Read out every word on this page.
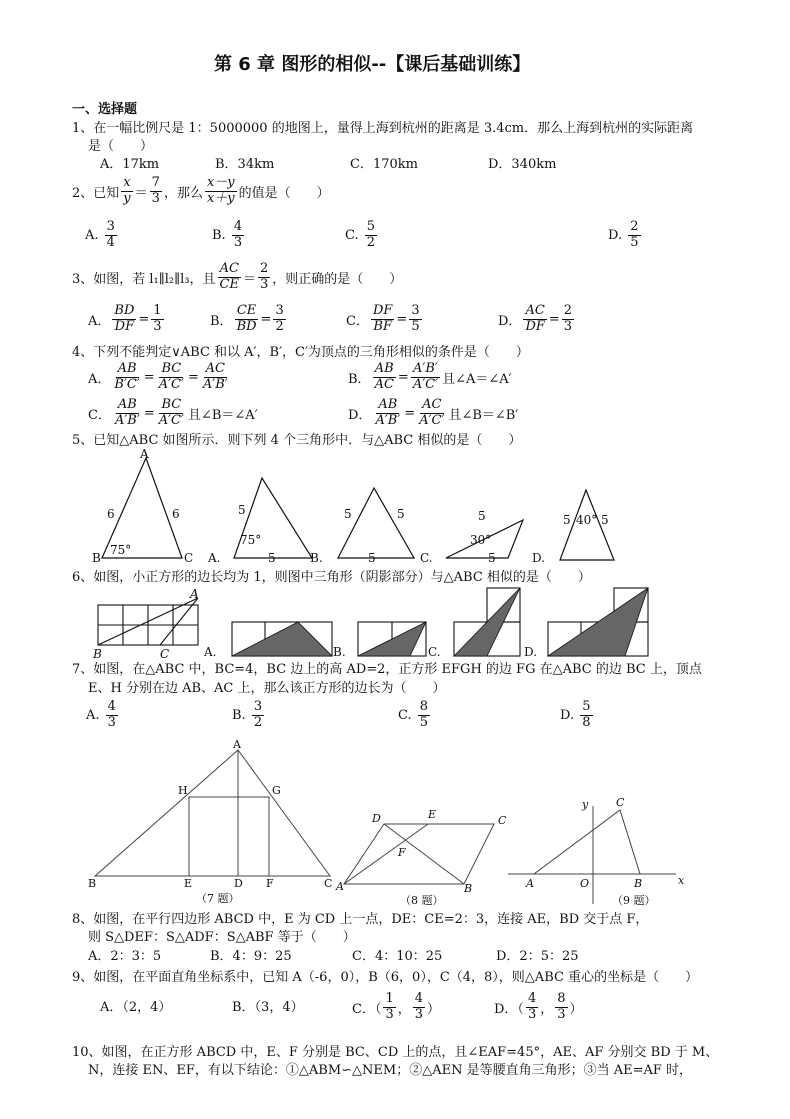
第 6 章 图形的相似--【课后基础训练】
一、选择题
1、在一幅比例尺是 1：5000000 的地图上，量得上海到杭州的距离是 3.4cm．那么上海到杭州的实际距离
是（　　）
A．17km	B．34km	C．170km	D．340km
2、已知 $\frac{x}{y} = \frac{7}{3}$ ，那么 $\frac{x-y}{x+y}$ 的值是（　　）
A.
$\frac{3}{4}$	B.
$\frac{4}{3}$	C.
$\frac{5}{2}$	D.
$\frac{2}{5}$
3、如图，若 l₁∥l₂∥l₃，且 $\frac{AC}{CE} = \frac{2}{3}$ ，则正确的是（　　）
A． $\frac{BD}{DF} = \frac{1}{3}$	B． $\frac{CE}{BD} = \frac{3}{2}$	C． $\frac{DF}{BF} = \frac{3}{5}$	D． $\frac{AC}{DF} = \frac{2}{3}$
4、下列不能判定∨ABC 和以 A′，B′，C′为顶点的三角形相似的条件是（　　）
A． $\frac{AB}{B'C'} = \frac{BC}{A'C'} = \frac{AC}{A'B'}$	B． $\frac{AB}{AC} = \frac{A'B'}{A'C'}$ 且∠A＝∠A′
C． $\frac{AB}{A'B'} = \frac{BC}{A'C'}$ 且∠B＝∠A′	D． $\frac{AB}{A'B'} = \frac{AC}{A'C'}$ 且∠B＝∠B′
5、已知△ABC 如图所示．则下列 4 个三角形中．与△ABC 相似的是（　　）
A
B	C
6	6
75°
A.
5
5
75°
B.
5	5
5	C.
5
5
30°
D.
5	5
40°
6、如图，小正方形的边长均为 1，则图中三角形（阴影部分）与△ABC 相似的是（　　）
A
B	C	A.	B.	C.	D.
7、如图，在△ABC 中，BC=4，BC 边上的高 AD=2，正方形 EFGH 的边 FG 在△ABC 的边 BC 上，顶点
E、H 分别在边 AB、AC 上，那么该正方形的边长为（　　）
A.
$\frac{4}{3}$	B.
$\frac{3}{2}$	C.
$\frac{8}{5}$	D.
$\frac{5}{8}$
A
B	C
D
E	F
G
H
（7 题）
A	B
C
D	E
F
（8 题）
A	B
C
O	x
y
（9 题）
8、如图，在平行四边形 ABCD 中，E 为 CD 上一点，DE：CE=2：3，连接 AE，BD 交于点 F，
则 S△DEF：S△ADF：S△ABF 等于（　　）
A．2：3：5	B．4：9：25	C．4：10：25	D．2：5：25
9、如图，在平面直角坐标系中，已知 A（-6，0），B（6，0），C（4，8），则△ABC 重心的坐标是（　　）
A．（2，4）	B．（3，4）	C．（ $\frac{1}{3}$ ， $\frac{4}{3}$ ）	D．（ $\frac{4}{3}$ ， $\frac{8}{3}$ ）
10、如图，在正方形 ABCD 中，E、F 分别是 BC、CD 上的点，且∠EAF=45°，AE、AF 分别交 BD 于 M、
N，连接 EN、EF，有以下结论：①△ABM∽△NEM；②△AEN 是等腰直角三角形；③当 AE=AF 时，
